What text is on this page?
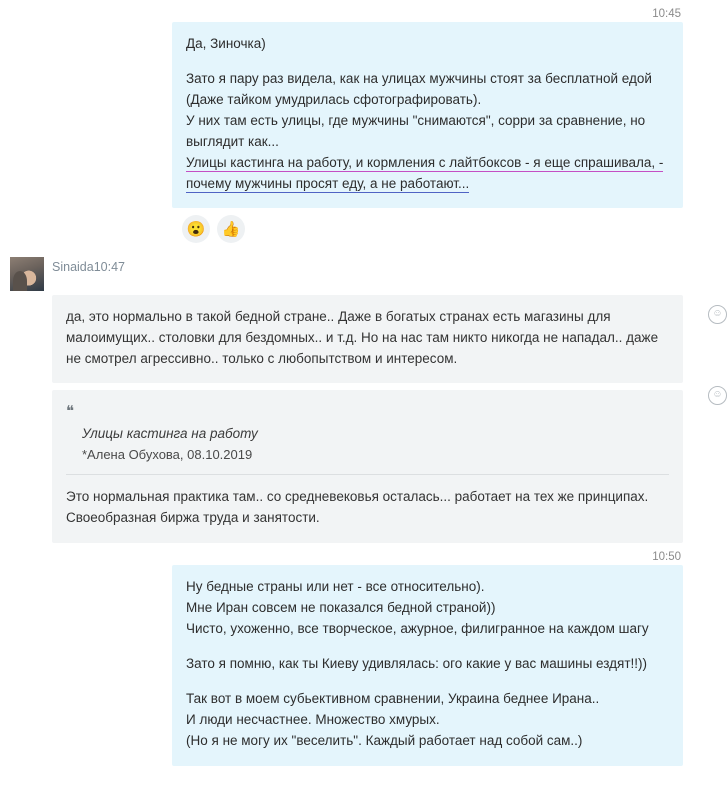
10:45

Да, Зиночка)

Зато я пару раз видела, как на улицах мужчины стоят за бесплатной едой (Даже тайком умудрилась сфотографировать).

У них там есть улицы, где мужчины "снимаются", сорри за сравнение, но выглядит как...

Улицы кастинга на работу, и кормления с лайтбоксов - я еще спрашивала, -
почему мужчины просят еду, а не работают...

😮	👍
Sinaida10:47

да, это нормально в такой бедной стране.. Даже в богатых странах есть магазины для малоимущих.. столовки для бездомных.. и т.д. Но на нас там никто никогда не нападал.. даже не смотрел агрессивно.. только с любопытством и интересом.

☺
❝

Улицы кастинга на работу

*Алена Обухова, 08.10.2019

Это нормальная практика там.. со средневековья осталась... работает на тех же принципах. Своеобразная биржа труда и занятости.

☺
10:50

Ну бедные страны или нет - все относительно).

Мне Иран совсем не показался бедной страной))

Чисто, ухоженно, все творческое, ажурное, филигранное на каждом шагу

Зато я помню, как ты Киеву удивлялась: ого какие у вас машины ездят!!))

Так вот в моем субьективном сравнении, Украина беднее Ирана..

И люди несчастнее. Множество хмурых.

(Но я не могу их "веселить". Каждый работает над собой сам..)
